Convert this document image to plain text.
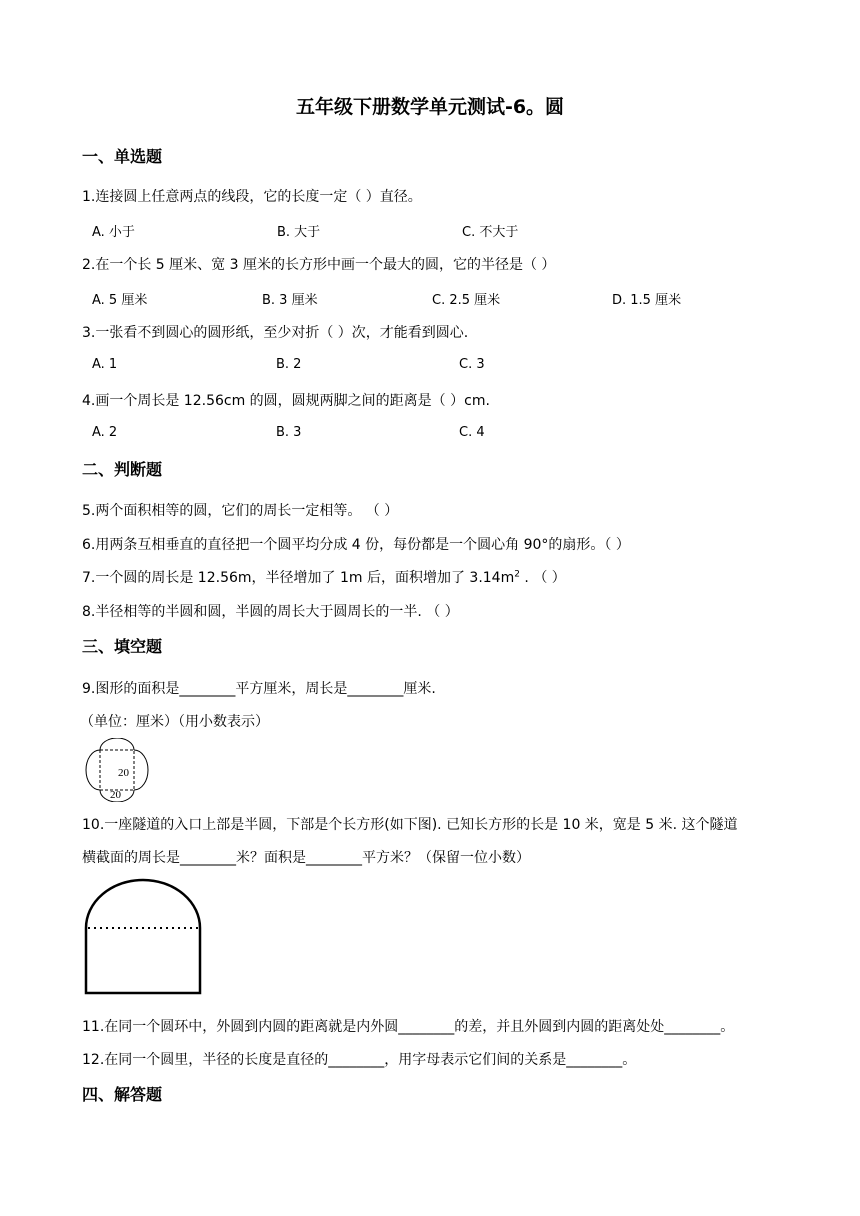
五年级下册数学单元测试-6。圆
一、单选题
1.连接圆上任意两点的线段，它的长度一定（ ）直径。
A. 小于	B. 大于	C. 不大于
2.在一个长 5 厘米、宽 3 厘米的长方形中画一个最大的圆，它的半径是（ ）
A. 5 厘米	B. 3 厘米	C. 2.5 厘米	D. 1.5 厘米
3.一张看不到圆心的圆形纸，至少对折（ ）次，才能看到圆心.
A. 1	B. 2	C. 3
4.画一个周长是 12.56cm 的圆，圆规两脚之间的距离是（ ）cm.
A. 2	B. 3	C. 4
二、判断题
5.两个面积相等的圆，它们的周长一定相等。 （ ）
6.用两条互相垂直的直径把一个圆平均分成 4 份，每份都是一个圆心角 90°的扇形。（ ）
7.一个圆的周长是 12.56m，半径增加了 1m 后，面积增加了 $3.14m^2$ . （ ）
8.半径相等的半圆和圆，半圆的周长大于圆周长的一半. （ ）
三、填空题
9.图形的面积是________平方厘米，周长是________厘米.
（单位：厘米）（用小数表示）
20
20
10.一座隧道的入口上部是半圆，下部是个长方形(如下图). 已知长方形的长是 10 米，宽是 5 米. 这个隧道
横截面的周长是________米？面积是________平方米？（保留一位小数）
11.在同一个圆环中，外圆到内圆的距离就是内外圆________的差，并且外圆到内圆的距离处处________。
12.在同一个圆里，半径的长度是直径的________，用字母表示它们间的关系是________。
四、解答题
